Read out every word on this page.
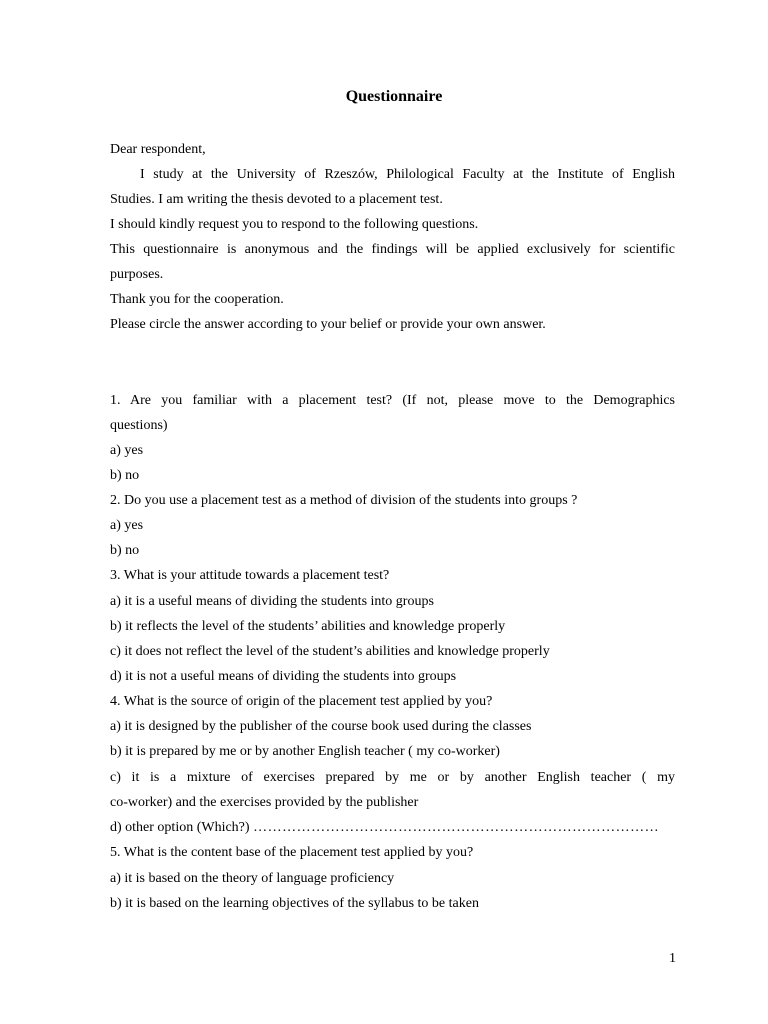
Questionnaire
Dear respondent,
I study at the University of Rzeszów, Philological Faculty at the Institute of English
Studies. I am writing the thesis devoted to a placement test.
I should kindly request you to respond to the following questions.
This questionnaire is anonymous and the findings will be applied exclusively for scientific
purposes.
Thank you for the cooperation.
Please circle the answer according to your belief or provide your own answer.
1. Are you familiar with a placement test? (If not, please move to the Demographics
questions)
a) yes
b) no
2. Do you use a placement test as a method of division of the students into groups ?
a) yes
b) no
3. What is your attitude towards a placement test?
a) it is a useful means of dividing the students into groups
b) it reflects the level of the students’ abilities and knowledge properly
c) it does not reflect the level of the student’s abilities and knowledge properly
d) it is not a useful means of dividing the students into groups
4. What is the source of origin of the placement test applied by you?
a) it is designed by the publisher of the course book used during the classes
b) it is prepared by me or by another English teacher ( my co-worker)
c) it is a mixture of exercises prepared by me or by another English teacher ( my
co-worker) and the exercises provided by the publisher
d) other option (Which?) …………………………………………………………………………
5. What is the content base of the placement test applied by you?
a) it is based on the theory of language proficiency
b) it is based on the learning objectives of the syllabus to be taken
1
